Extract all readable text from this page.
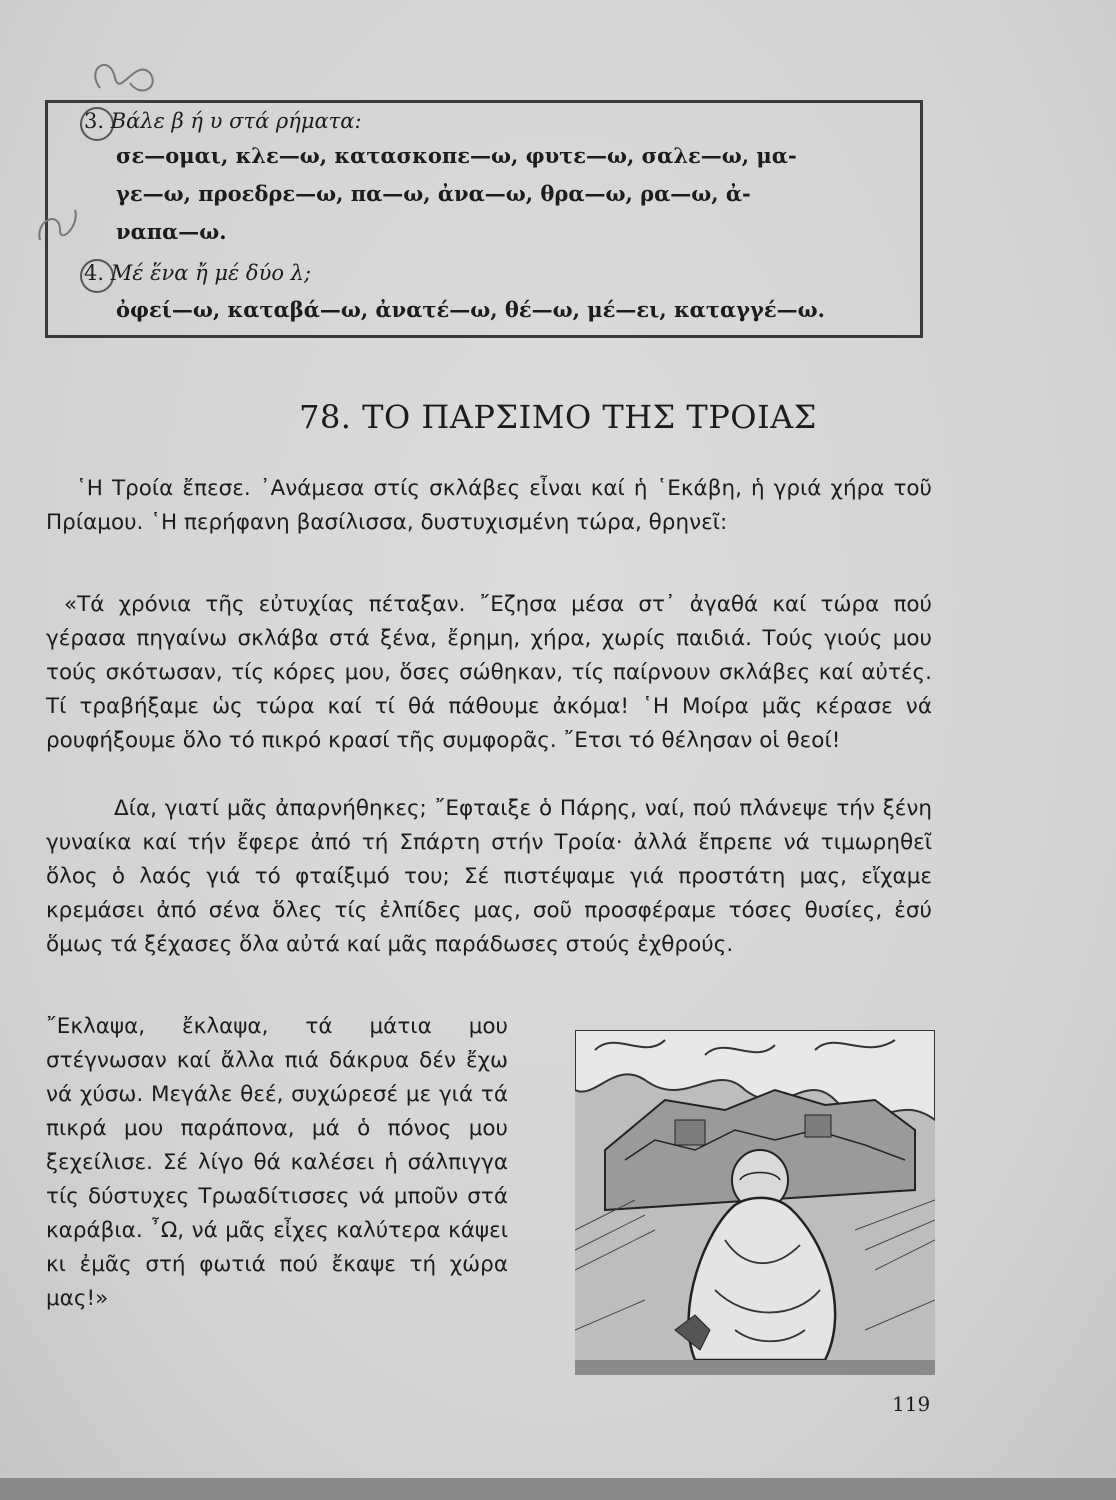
3. Βάλε β ή υ στά ρήματα:
σε—ομαι, κλε—ω, κατασκοπε—ω, φυτε—ω, σαλε—ω, μα-
γε—ω, προεδρε—ω, πα—ω, ἀνα—ω, θρα—ω, ρα—ω, ἀ-
ναπα—ω.
4. Μέ ἕνα ἤ μέ δύο λ;
ὀφεί—ω, καταβά—ω, ἀνατέ—ω, θέ—ω, μέ—ει, καταγγέ—ω.
78. ΤΟ ΠΑΡΣΙΜΟ ΤΗΣ ΤΡΟΙΑΣ
῾Η Τροία ἔπεσε. ᾿Ανάμεσα στίς σκλάβες εἶναι καί ἡ ῾Εκάβη, ἡ γριά χήρα τοῦ Πρίαμου. ῾Η περήφανη βασίλισσα, δυστυχισμένη τώρα, θρηνεῖ:
«Τά χρόνια τῆς εὐτυχίας πέταξαν. ῎Εζησα μέσα στ᾿ ἀγαθά καί τώρα πού γέρασα πηγαίνω σκλάβα στά ξένα, ἔρημη, χήρα, χωρίς παιδιά. Τούς γιούς μου τούς σκότωσαν, τίς κόρες μου, ὅσες σώθηκαν, τίς παίρνουν σκλάβες καί αὐτές. Τί τραβήξαμε ὡς τώρα καί τί θά πάθουμε ἀκόμα! ῾Η Μοίρα μᾶς κέρασε νά ρουφήξουμε ὅλο τό πικρό κρασί τῆς συμφορᾶς. ῎Ετσι τό θέλησαν οἱ θεοί!
Δία, γιατί μᾶς ἀπαρνήθηκες; ῎Εφταιξε ὁ Πάρης, ναί, πού πλάνεψε τήν ξένη γυναίκα καί τήν ἔφερε ἀπό τή Σπάρτη στήν Τροία· ἀλλά ἔπρεπε νά τιμωρηθεῖ ὅλος ὁ λαός γιά τό φταίξιμό του; Σέ πιστέψαμε γιά προστάτη μας, εἴχαμε κρεμάσει ἀπό σένα ὅλες τίς ἐλπίδες μας, σοῦ προσφέραμε τόσες θυσίες, ἐσύ ὅμως τά ξέχασες ὅλα αὐτά καί μᾶς παράδωσες στούς ἐχθρούς.
῎Εκλαψα, ἔκλαψα, τά μάτια μου στέγνωσαν καί ἄλλα πιά δάκρυα δέν ἔχω νά χύσω. Μεγάλε θεέ, συχώρεσέ με γιά τά πικρά μου παράπονα, μά ὁ πόνος μου ξεχείλισε. Σέ λίγο θά καλέσει ἡ σάλπιγγα τίς δύστυχες Τρωαδίτισσες νά μποῦν στά καράβια. ῏Ω, νά μᾶς εἶχες καλύτερα κάψει κι ἐμᾶς στή φωτιά πού ἔκαψε τή χώρα μας!»
119
